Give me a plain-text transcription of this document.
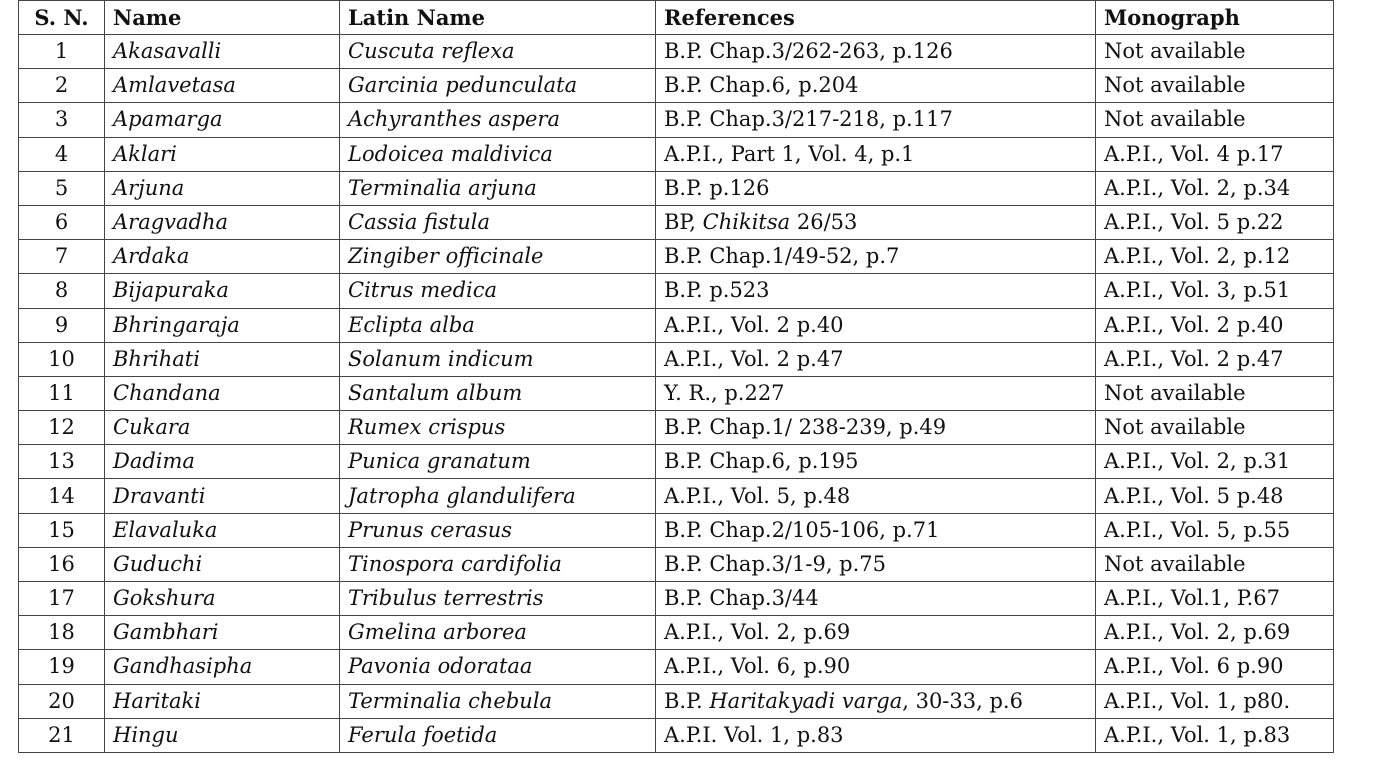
S. N.	Name	Latin Name	References	Monograph
1	Akasavalli	Cuscuta reflexa	B.P. Chap.3/262-263, p.126	Not available
2	Amlavetasa	Garcinia pedunculata	B.P. Chap.6, p.204	Not available
3	Apamarga	Achyranthes aspera	B.P. Chap.3/217-218, p.117	Not available
4	Aklari	Lodoicea maldivica	A.P.I., Part 1, Vol. 4, p.1	A.P.I., Vol. 4 p.17
5	Arjuna	Terminalia arjuna	B.P. p.126	A.P.I., Vol. 2, p.34
6	Aragvadha	Cassia fistula	BP, Chikitsa 26/53	A.P.I., Vol. 5 p.22
7	Ardaka	Zingiber officinale	B.P. Chap.1/49-52, p.7	A.P.I., Vol. 2, p.12
8	Bijapuraka	Citrus medica	B.P. p.523	A.P.I., Vol. 3, p.51
9	Bhringaraja	Eclipta alba	A.P.I., Vol. 2 p.40	A.P.I., Vol. 2 p.40
10	Bhrihati	Solanum indicum	A.P.I., Vol. 2 p.47	A.P.I., Vol. 2 p.47
11	Chandana	Santalum album	Y. R., p.227	Not available
12	Cukara	Rumex crispus	B.P. Chap.1/ 238-239, p.49	Not available
13	Dadima	Punica granatum	B.P. Chap.6, p.195	A.P.I., Vol. 2, p.31
14	Dravanti	Jatropha glandulifera	A.P.I., Vol. 5, p.48	A.P.I., Vol. 5 p.48
15	Elavaluka	Prunus cerasus	B.P. Chap.2/105-106, p.71	A.P.I., Vol. 5, p.55
16	Guduchi	Tinospora cardifolia	B.P. Chap.3/1-9, p.75	Not available
17	Gokshura	Tribulus terrestris	B.P. Chap.3/44	A.P.I., Vol.1, P.67
18	Gambhari	Gmelina arborea	A.P.I., Vol. 2, p.69	A.P.I., Vol. 2, p.69
19	Gandhasipha	Pavonia odorataa	A.P.I., Vol. 6, p.90	A.P.I., Vol. 6 p.90
20	Haritaki	Terminalia chebula	B.P. Haritakyadi varga, 30-33, p.6	A.P.I., Vol. 1, p80.
21	Hingu	Ferula foetida	A.P.I. Vol. 1, p.83	A.P.I., Vol. 1, p.83
